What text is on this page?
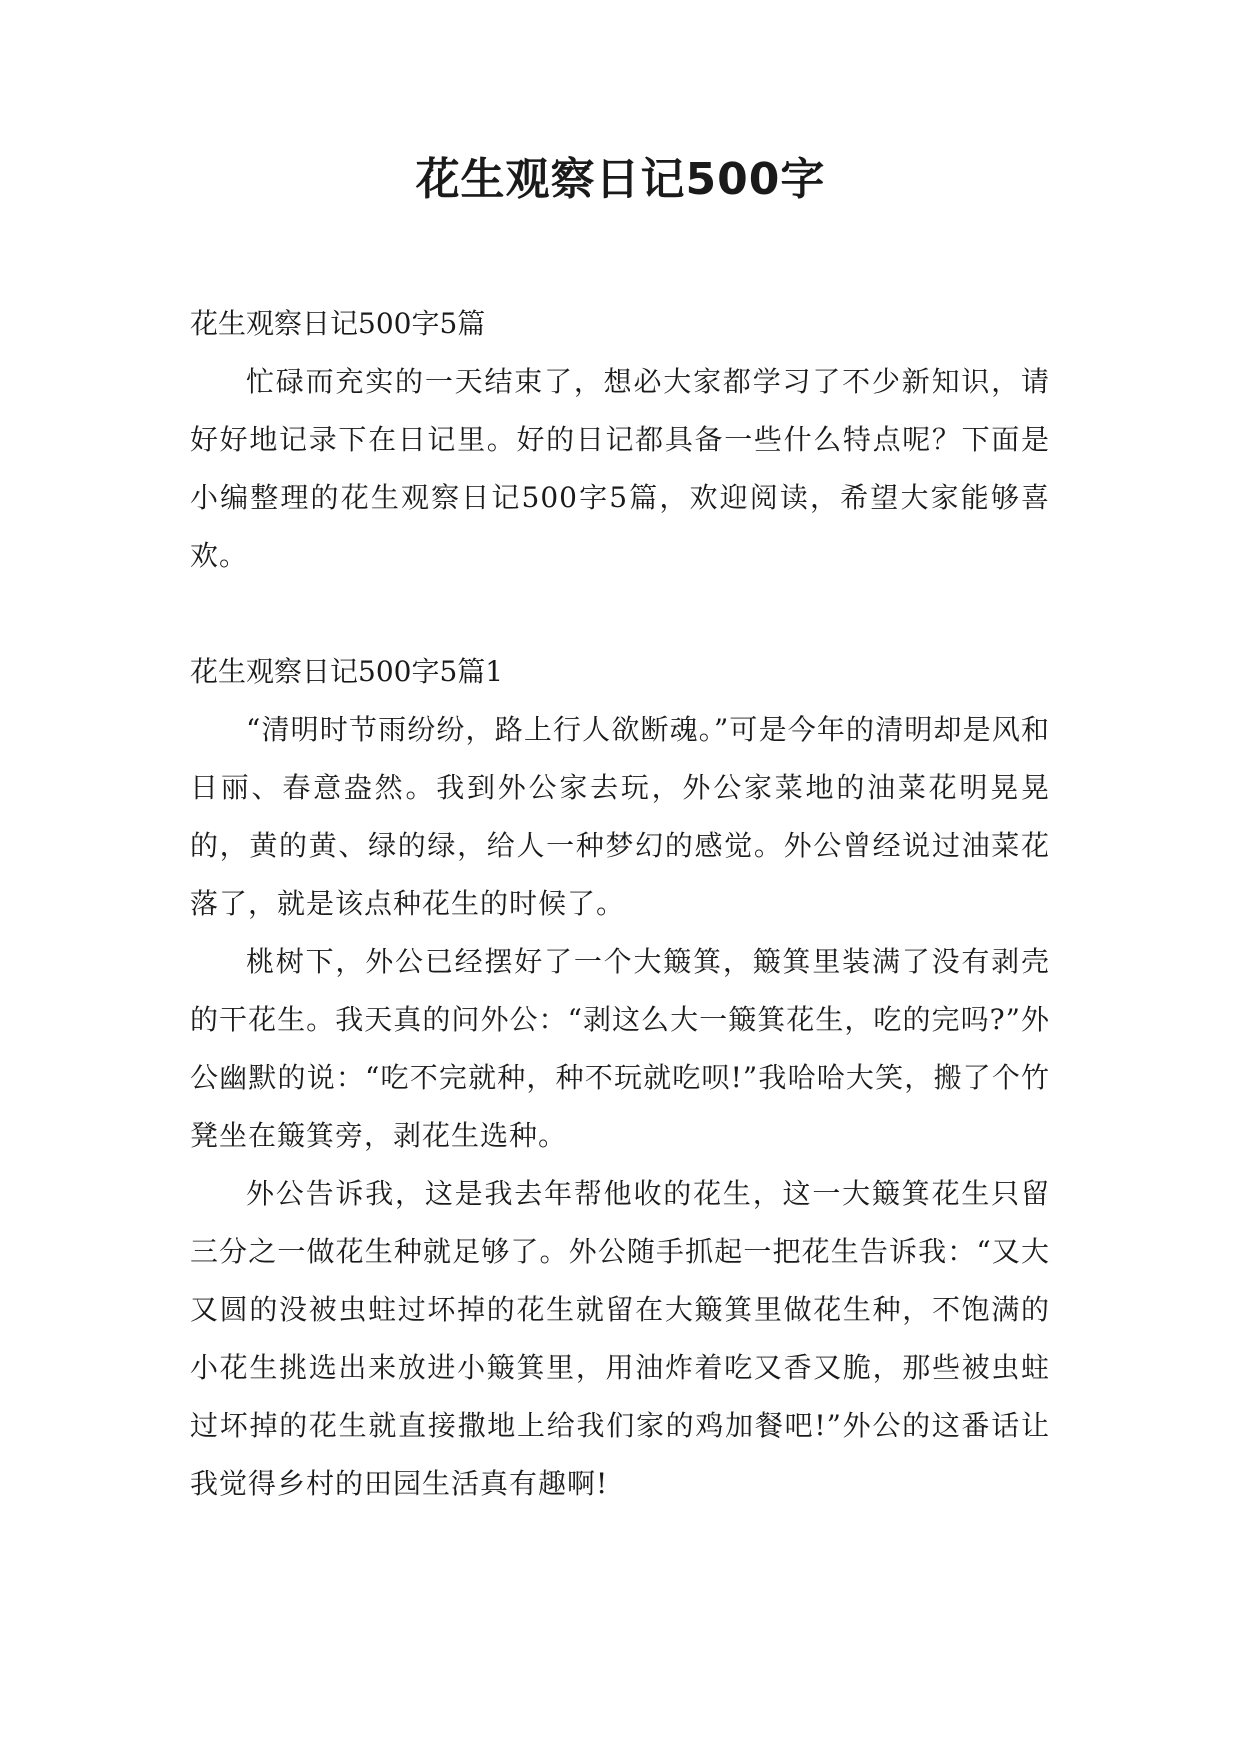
花生观察日记500字
花生观察日记500字5篇

忙碌而充实的一天结束了，想必大家都学习了不少新知识，请好好地记录下在日记里。好的日记都具备一些什么特点呢？下面是小编整理的花生观察日记500字5篇，欢迎阅读，希望大家能够喜欢。

花生观察日记500字5篇1

“清明时节雨纷纷，路上行人欲断魂。”可是今年的清明却是风和日丽、春意盎然。我到外公家去玩，外公家菜地的油菜花明晃晃的，黄的黄、绿的绿，给人一种梦幻的感觉。外公曾经说过油菜花落了，就是该点种花生的时候了。

桃树下，外公已经摆好了一个大簸箕，簸箕里装满了没有剥壳的干花生。我天真的问外公：“剥这么大一簸箕花生，吃的完吗?”外公幽默的说：“吃不完就种，种不玩就吃呗!”我哈哈大笑，搬了个竹凳坐在簸箕旁，剥花生选种。

外公告诉我，这是我去年帮他收的花生，这一大簸箕花生只留三分之一做花生种就足够了。外公随手抓起一把花生告诉我：“又大又圆的没被虫蛀过坏掉的花生就留在大簸箕里做花生种，不饱满的小花生挑选出来放进小簸箕里，用油炸着吃又香又脆，那些被虫蛀过坏掉的花生就直接撒地上给我们家的鸡加餐吧!”外公的这番话让我觉得乡村的田园生活真有趣啊!
